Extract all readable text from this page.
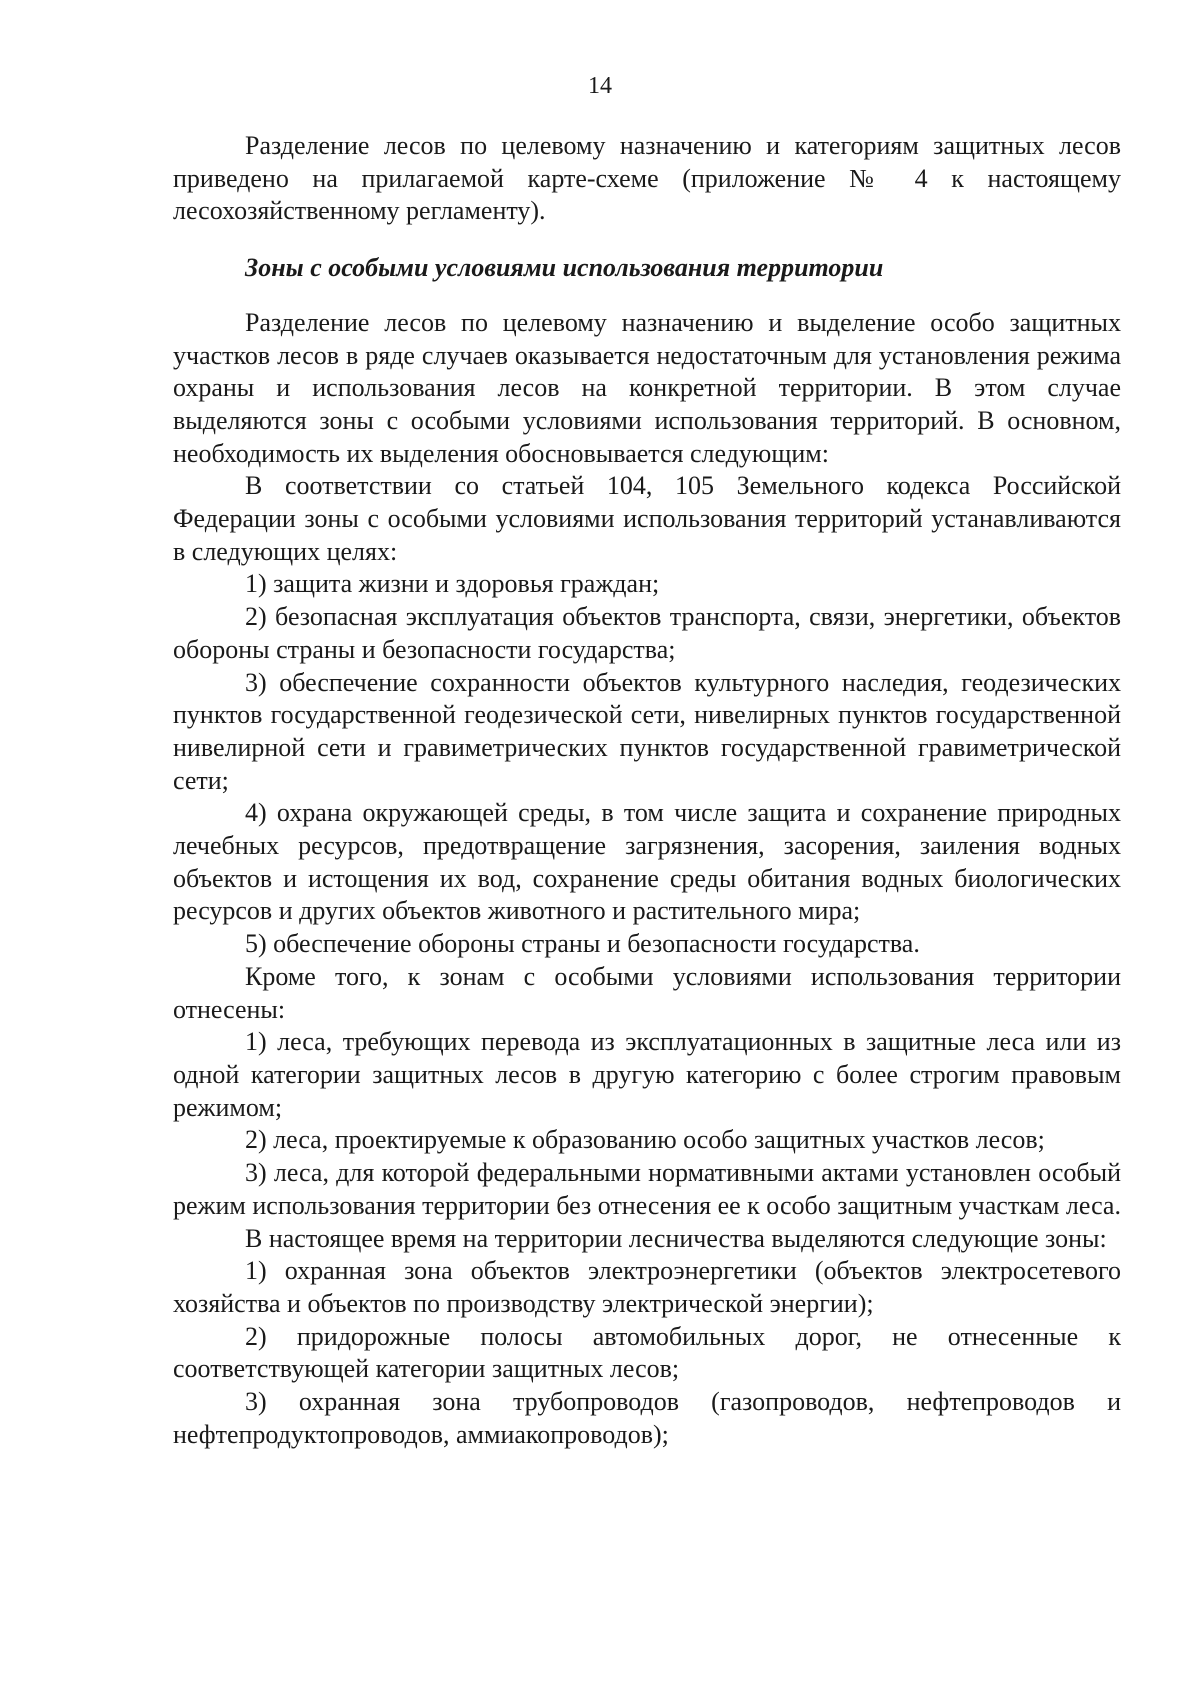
14

Разделение лесов по целевому назначению и категориям защитных лесов приведено на прилагаемой карте-схеме (приложение № 4 к настоящему лесохозяйственному регламенту).

Зоны с особыми условиями использования территории

Разделение лесов по целевому назначению и выделение особо защитных участков лесов в ряде случаев оказывается недостаточным для установления режима охраны и использования лесов на конкретной территории. В этом случае выделяются зоны с особыми условиями использования территорий. В основном, необходимость их выделения обосновывается следующим:

В соответствии со статьей 104, 105 Земельного кодекса Российской Федерации зоны с особыми условиями использования территорий устанавливаются в следующих целях:

1) защита жизни и здоровья граждан;

2) безопасная эксплуатация объектов транспорта, связи, энергетики, объектов обороны страны и безопасности государства;

3) обеспечение сохранности объектов культурного наследия, геодезических пунктов государственной геодезической сети, нивелирных пунктов государственной нивелирной сети и гравиметрических пунктов государственной гравиметрической сети;

4) охрана окружающей среды, в том числе защита и сохранение природных лечебных ресурсов, предотвращение загрязнения, засорения, заиления водных объектов и истощения их вод, сохранение среды обитания водных биологических ресурсов и других объектов животного и растительного мира;

5) обеспечение обороны страны и безопасности государства.

Кроме того, к зонам с особыми условиями использования территории отнесены:

1) леса, требующих перевода из эксплуатационных в защитные леса или из одной категории защитных лесов в другую категорию с более строгим правовым режимом;

2) леса, проектируемые к образованию особо защитных участков лесов;

3) леса, для которой федеральными нормативными актами установлен особый режим использования территории без отнесения ее к особо защитным участкам леса.

В настоящее время на территории лесничества выделяются следующие зоны:

1) охранная зона объектов электроэнергетики (объектов электросетевого хозяйства и объектов по производству электрической энергии);

2) придорожные полосы автомобильных дорог, не отнесенные к соответствующей категории защитных лесов;

3) охранная зона трубопроводов (газопроводов, нефтепроводов и нефтепродуктопроводов, аммиакопроводов);
